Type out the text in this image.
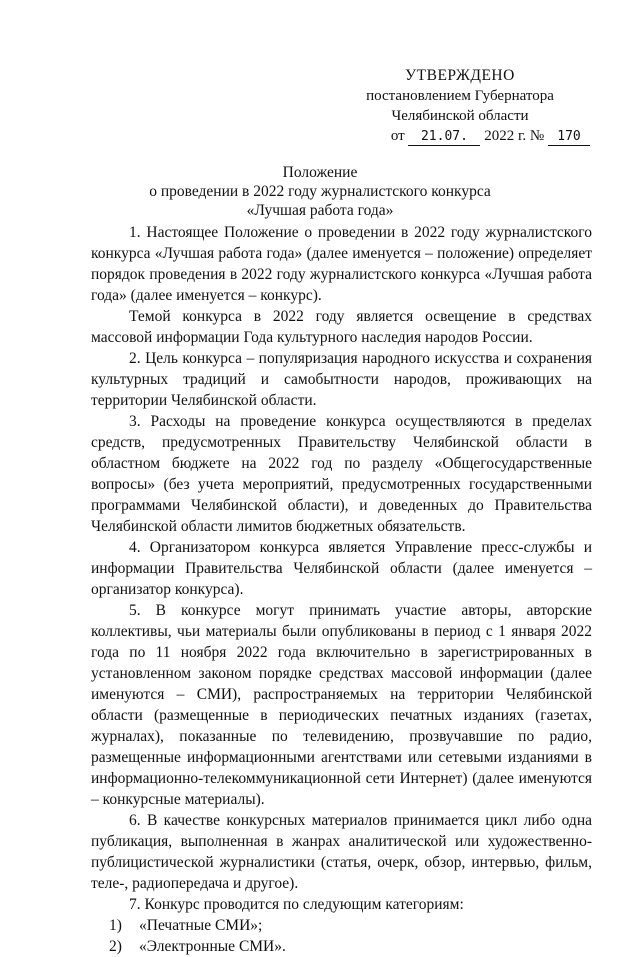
УТВЕРЖДЕНО
постановлением Губернатора
Челябинской области
от 21.07. 2022 г. № 170
Положение
о проведении в 2022 году журналистского конкурса
«Лучшая работа года»

1. Настоящее Положение о проведении в 2022 году журналистского конкурса «Лучшая работа года» (далее именуется – положение) определяет порядок проведения в 2022 году журналистского конкурса «Лучшая работа года» (далее именуется – конкурс).

Темой конкурса в 2022 году является освещение в средствах массовой информации Года культурного наследия народов России.

2. Цель конкурса – популяризация народного искусства и сохранения культурных традиций и самобытности народов, проживающих на территории Челябинской области.

3. Расходы на проведение конкурса осуществляются в пределах средств, предусмотренных Правительству Челябинской области в областном бюджете на 2022 год по разделу «Общегосударственные вопросы» (без учета мероприятий, предусмотренных государственными программами Челябинской области), и доведенных до Правительства Челябинской области лимитов бюджетных обязательств.

4. Организатором конкурса является Управление пресс-службы и информации Правительства Челябинской области (далее именуется – организатор конкурса).

5. В конкурсе могут принимать участие авторы, авторские коллективы, чьи материалы были опубликованы в период с 1 января 2022 года по 11 ноября 2022 года включительно в зарегистрированных в установленном законом порядке средствах массовой информации (далее именуются – СМИ), распространяемых на территории Челябинской области (размещенные в периодических печатных изданиях (газетах, журналах), показанные по телевидению, прозвучавшие по радио, размещенные информационными агентствами или сетевыми изданиями в информационно-телекоммуникационной сети Интернет) (далее именуются – конкурсные материалы).

6. В качестве конкурсных материалов принимается цикл либо одна публикация, выполненная в жанрах аналитической или художественно-публицистической журналистики (статья, очерк, обзор, интервью, фильм, теле-, радиопередача и другое).

7. Конкурс проводится по следующим категориям:

1) «Печатные СМИ»;

2) «Электронные СМИ».
